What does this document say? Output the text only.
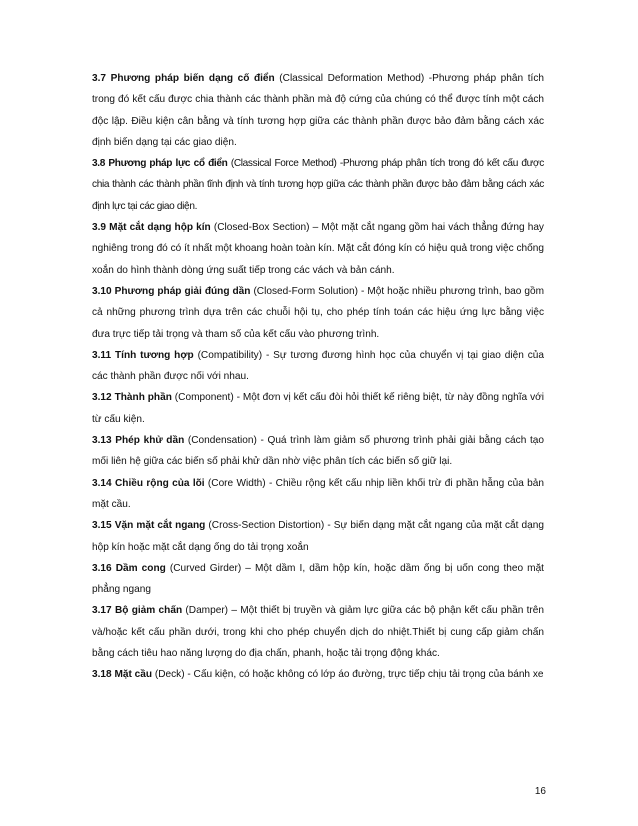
3.7 Phương pháp biến dạng cố điển (Classical Deformation Method) -Phương pháp phân tích trong đó kết cấu được chia thành các thành phần mà độ cứng của chúng có thể được tính một cách độc lập. Điều kiện cân bằng và tính tương hợp giữa các thành phần được bảo đảm bằng cách xác định biến dạng tại các giao diện.

3.8 Phương pháp lực cổ điển (Classical Force Method) -Phương pháp phân tích trong đó kết cấu được chia thành các thành phần tĩnh định và tính tương hợp giữa các thành phần được bảo đảm bằng cách xác định lực tại các giao diện.

3.9 Mặt cắt dạng hộp kín (Closed-Box Section) – Một mặt cắt ngang gồm hai vách thẳng đứng hay nghiêng trong đó có ít nhất một khoang hoàn toàn kín. Mặt cắt đóng kín có hiệu quả trong việc chống xoắn do hình thành dòng ứng suất tiếp trong các vách và bản cánh.

3.10 Phương pháp giải đúng dần (Closed-Form Solution) - Một hoặc nhiều phương trình, bao gồm cả những phương trình dựa trên các chuỗi hội tụ, cho phép tính toán các hiệu ứng lực bằng việc đưa trực tiếp tải trọng và tham số của kết cấu vào phương trình.

3.11 Tính tương hợp (Compatibility) - Sự tương đương hình học của chuyển vị tại giao diện của các thành phần được nối với nhau.

3.12 Thành phần (Component) - Một đơn vị kết cấu đòi hỏi thiết kế riêng biệt, từ này đồng nghĩa với từ cấu kiện.

3.13 Phép khử dần (Condensation) - Quá trình làm giảm số phương trình phải giải bằng cách tạo mối liên hệ giữa các biến số phải khử dần nhờ việc phân tích các biến số giữ lại.

3.14 Chiều rộng của lõi (Core Width) - Chiều rộng kết cấu nhịp liền khối trừ đi phần hẫng của bản mặt cầu.

3.15 Vặn mặt cắt ngang (Cross-Section Distortion) - Sự biến dạng mặt cắt ngang của mặt cắt dạng hộp kín hoặc mặt cắt dạng ống do tải trọng xoắn

3.16 Dầm cong (Curved Girder) – Một dầm I, dầm hộp kín, hoặc dầm ống bị uốn cong theo mặt phẳng ngang

3.17 Bộ giảm chấn (Damper) – Một thiết bị truyền và giảm lực giữa các bộ phận kết cấu phần trên và/hoặc kết cấu phần dưới, trong khi cho phép chuyển dịch do nhiệt.Thiết bị cung cấp giảm chấn bằng cách tiêu hao năng lượng do địa chấn, phanh, hoặc tải trọng động khác.

3.18 Mặt cầu (Deck) - Cấu kiện, có hoặc không có lớp áo đường, trực tiếp chịu tải trọng của bánh xe

16
